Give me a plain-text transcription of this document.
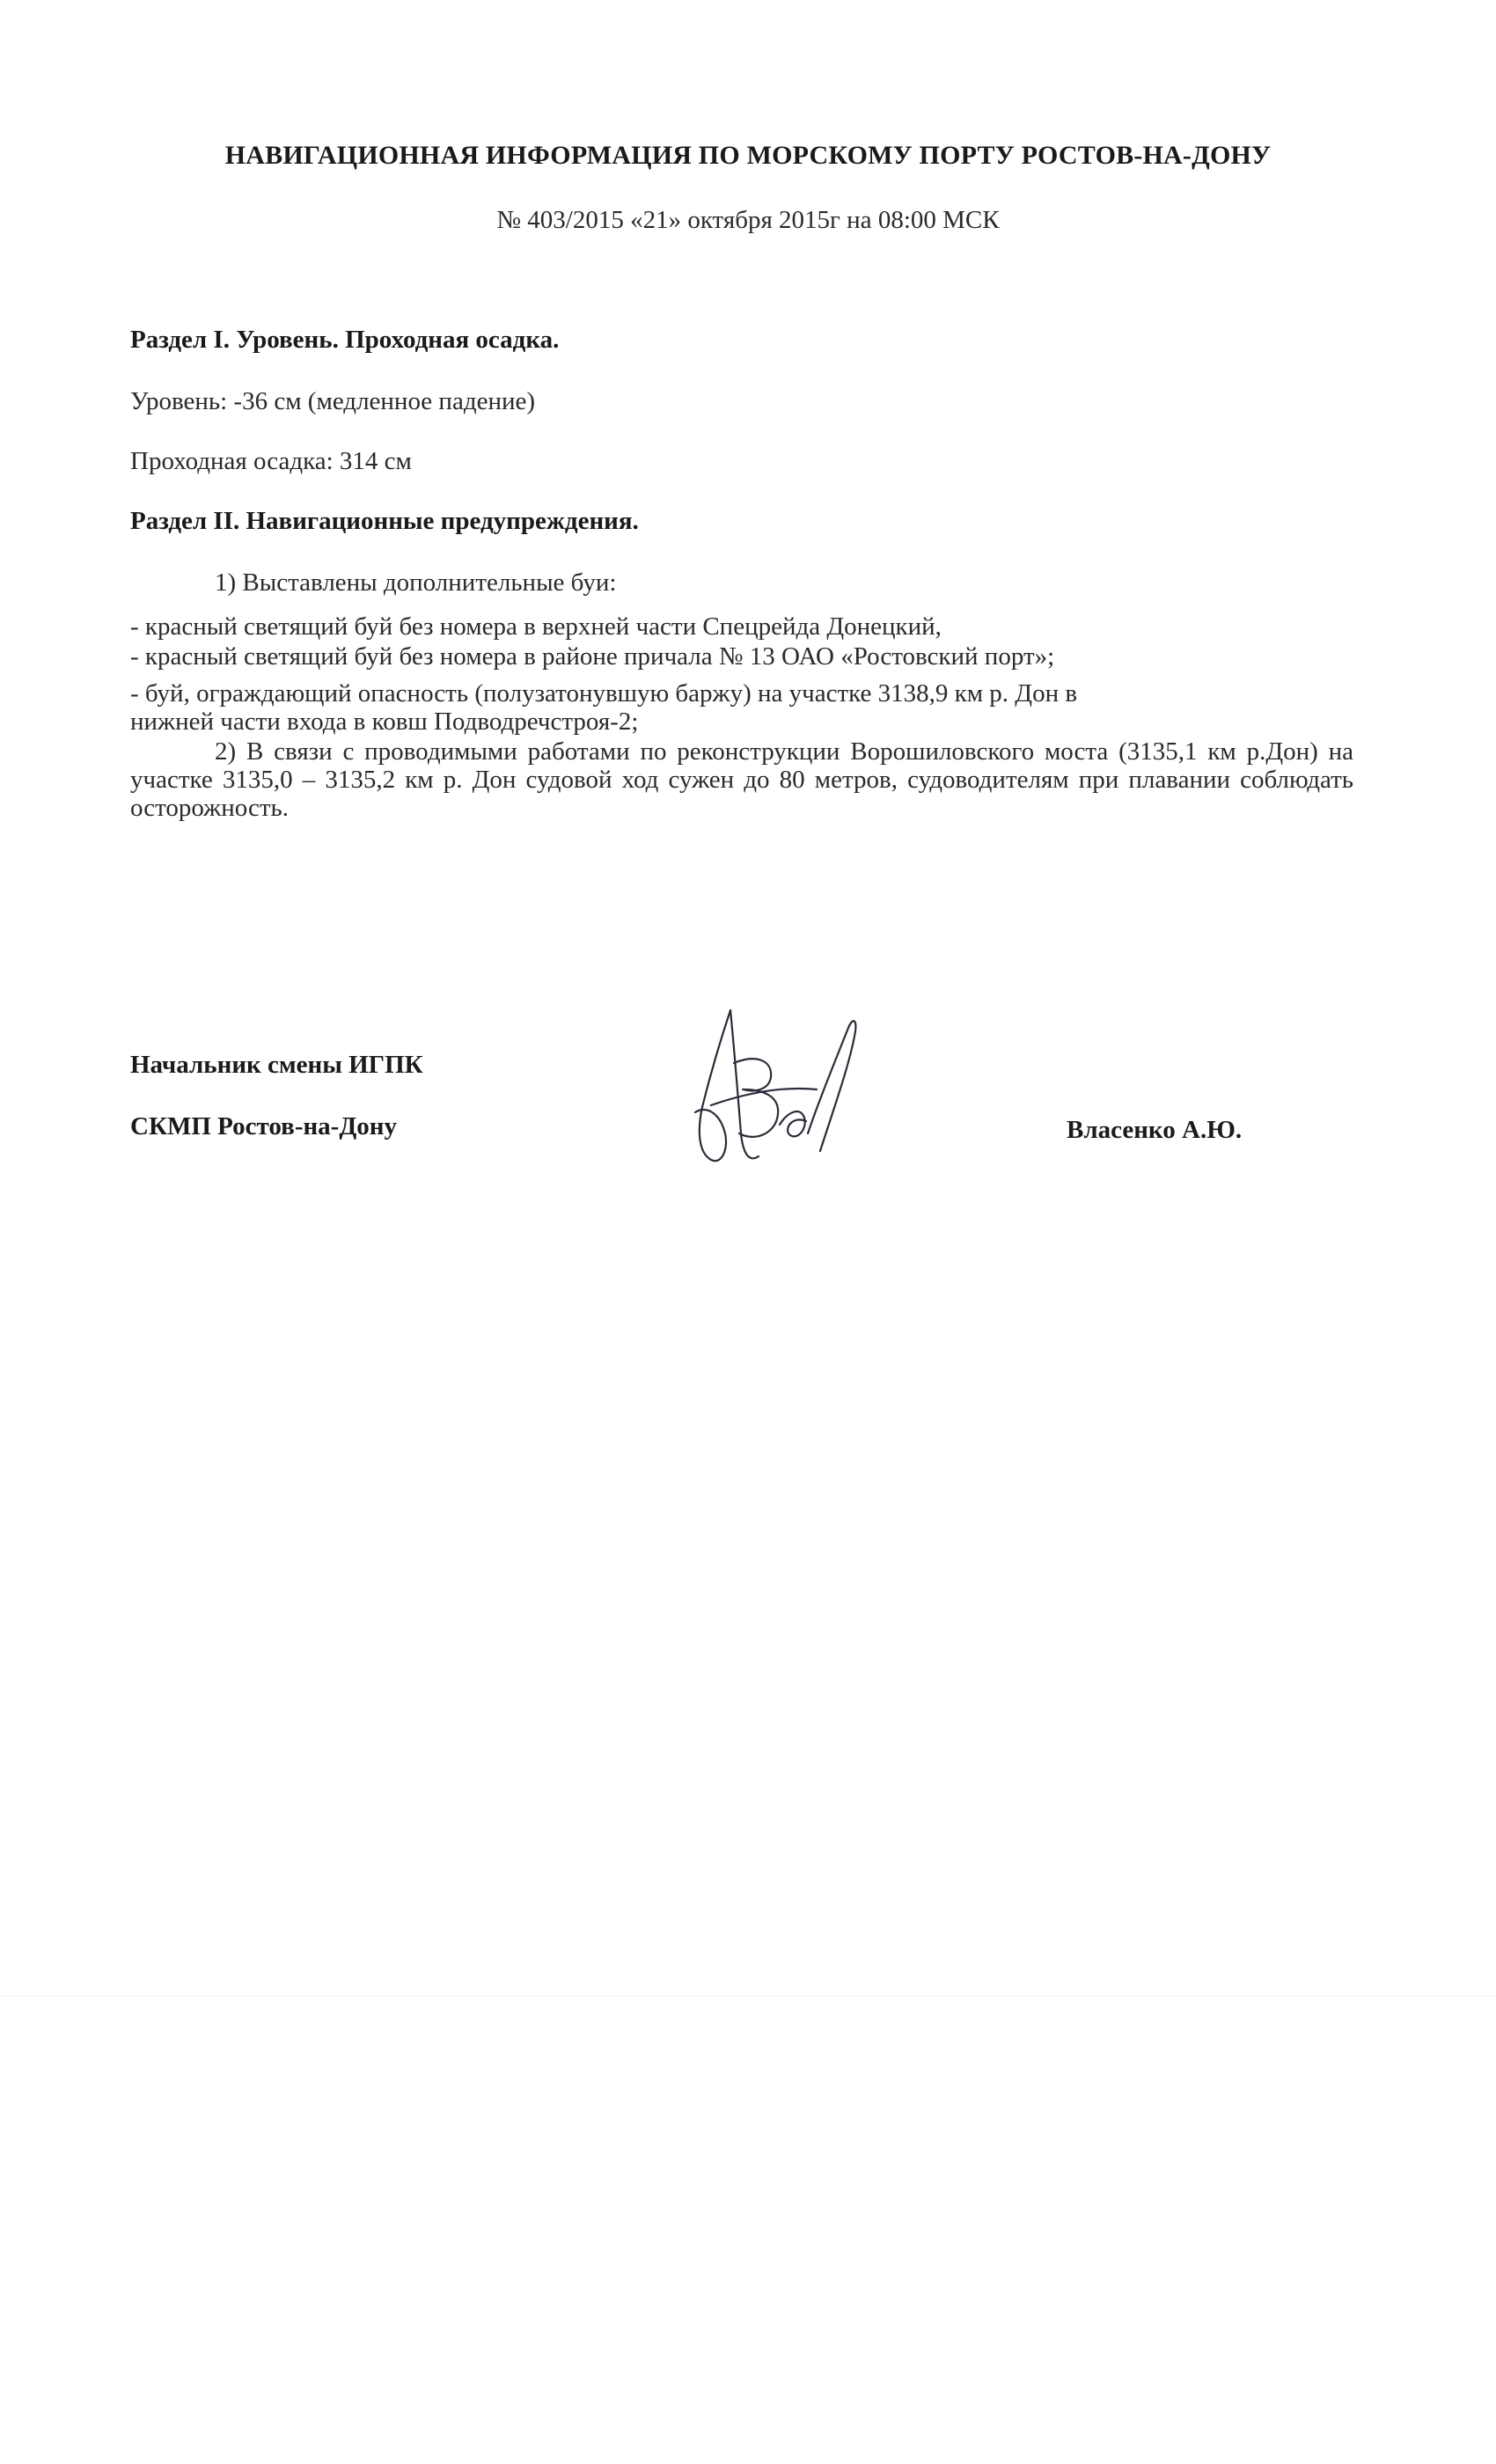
НАВИГАЦИОННАЯ ИНФОРМАЦИЯ ПО МОРСКОМУ ПОРТУ РОСТОВ-НА-ДОНУ
№ 403/2015 «21» октября 2015г на 08:00 МСК
Раздел I. Уровень. Проходная осадка.
Уровень: -36 см (медленное падение)
Проходная осадка: 314 см
Раздел II. Навигационные предупреждения.
1) Выставлены дополнительные буи:
- красный светящий буй без номера в верхней части Спецрейда Донецкий,
- красный светящий буй без номера в районе причала № 13 ОАО «Ростовский порт»;
- буй, ограждающий опасность (полузатонувшую баржу) на участке 3138,9 км р. Дон в
нижней части входа в ковш Подводречстроя-2;
2) В связи с проводимыми работами по реконструкции Ворошиловского моста (3135,1 км р.Дон) на участке 3135,0 – 3135,2 км р. Дон судовой ход сужен до 80 метров, судоводителям при плавании соблюдать осторожность.
Начальник смены ИГПК
СКМП Ростов-на-Дону	Власенко А.Ю.
